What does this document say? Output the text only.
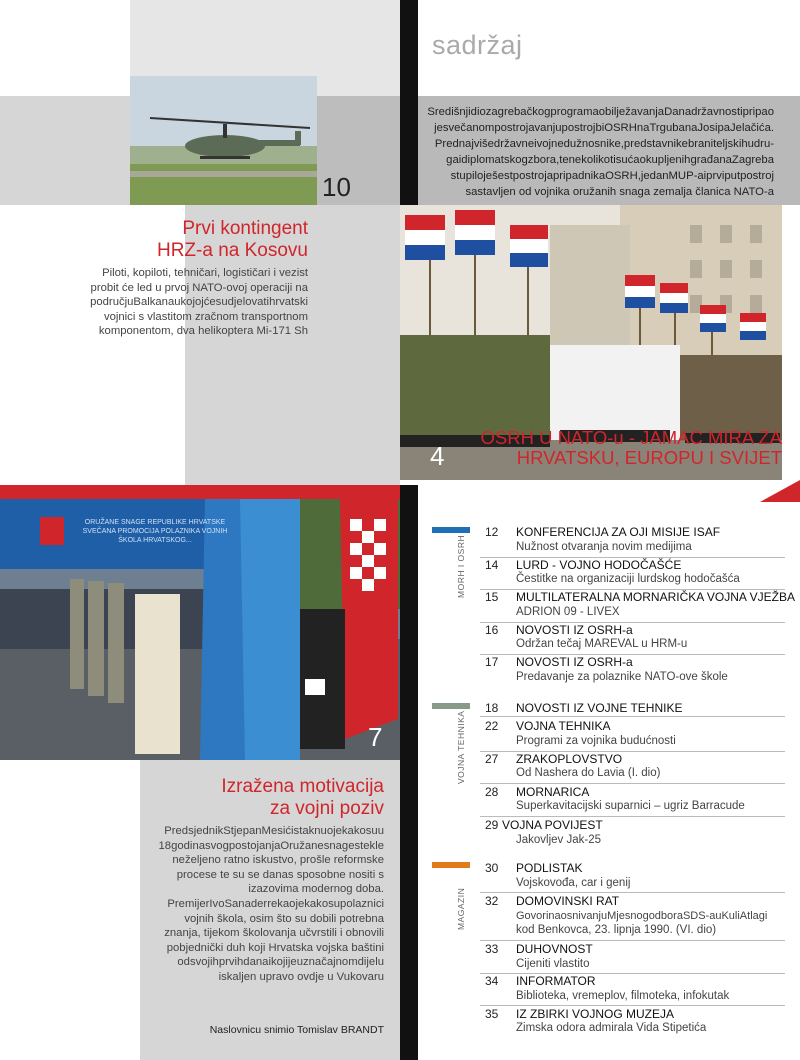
sadržaj
10
SredišnjidiozagrebačkogprogramaobilježavanjaDanadržavnostipripao
jesvečanompostrojavanjupostrojbiOSRHnaTrgubanaJosipaJelačića.
Predna​jvišedržavneivojnedužnosnike,predstavnikebraniteljskihudru-
gaidiplomatskogzbora,tenekolikotisućaokupljenihgrađanaZagreba
stupiloješestpostrojapripadnikaOSRH,jedanMUP-aiprviputpostroj
sastavljen od vojnika oružanih snaga zemalja članica NATO-a
Prvi kontingent
HRZ-a na Kosovu
Piloti, kopiloti, tehničari, logističari i vezist
probit će led u prvoj NATO-ovoj operaciji na
područjuBalkanaukojojćesudjelovatihrvatski
vojnici s vlastitom zračnom transportnom
komponentom, dva helikoptera Mi-171 Sh
4
OSRH U NATO-u - JAMAC MIRA ZA
HRVATSKU, EUROPU I SVIJET
ORUŽANE SNAGE REPUBLIKE HRVATSKE
SVEČANA PROMOCIJA POLAZNIKA VOJNIH ŠKOLA HRVATSKOG...
7
Izražena motivacija
za vojni poziv
PredsjednikStjepanMesićistaknuojekakosuu
18godinasvogpostojanjaOružanesnagestekle
neželjeno ratno iskustvo, prošle reformske
procese te su se danas sposobne nositi s
izazovima modernog doba.
PremijerIvoSanaderrekaojekakosupolaznici
vojnih škola, osim što su dobili potrebna
znanja, tijekom školovanja učvrstili i obnovili
pobjednički duh koji Hrvatska vojska baštini
odsvojihprvihdanaikojijeuznačajnomdijelu
iskaljen upravo ovdje u Vukovaru
Naslovnicu snimio Tomislav BRANDT
MORH I OSRH
VOJNA TEHNIKA
MAGAZIN
12	KONFERENCIJA ZA OJI MISIJE ISAF
Nužnost otvaranja novim medijima
14	LURD - VOJNO HODOČAŠĆE
Čestitke na organizaciji lurdskog hodočašća
15	MULTILATERALNA MORNARIČKA VOJNA VJEŽBA
ADRION 09 - LIVEX
16	NOVOSTI IZ OSRH-a
Održan tečaj MAREVAL u HRM-u
17	NOVOSTI IZ OSRH-a
Predavanje za polaznike NATO-ove škole
18	NOVOSTI IZ VOJNE TEHNIKE
22	VOJNA TEHNIKA
Programi za vojnika budućnosti
27	ZRAKOPLOVSTVO
Od Nashera do Lavia (I. dio)
28	MORNARICA
Superkavitacijski suparnici – ugriz Barracude
29 VOJNA POVIJEST
Jakovljev Jak-25
30	PODLISTAK
Vojskovođa, car i genij
32	DOMOVINSKI RAT
GovorinaosnivanjuMjesnogodboraSDS-auKuliAtlagi
kod Benkovca, 23. lipnja 1990. (VI. dio)
33	DUHOVNOST
Cijeniti vlastito
34	INFORMATOR
Biblioteka, vremeplov, filmoteka, infokutak
35	IZ ZBIRKI VOJNOG MUZEJA
Zimska odora admirala Vida Stipetića
